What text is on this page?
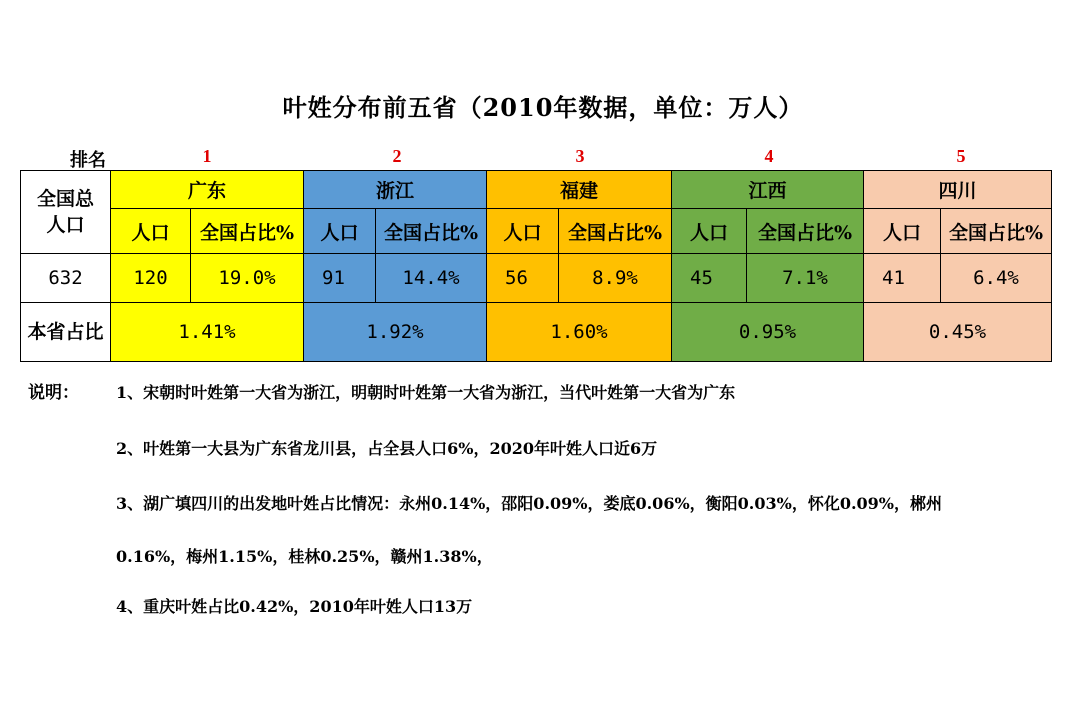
叶姓分布前五省（2010年数据，单位：万人）
排名	1	2	3	4	5
全国总人口	广东		浙江		福建		江西		四川	
	人口	全国占比%	人口	全国占比%	人口	全国占比%	人口	全国占比%	人口	全国占比%
632	120	19.0%	91	14.4%	56	8.9%	45	7.1%	41	6.4%
本省占比	1.41%		1.92%		1.60%		0.95%		0.45%	
说明： 1、宋朝时叶姓第一大省为浙江，明朝时叶姓第一大省为浙江，当代叶姓第一大省为广东
2、叶姓第一大县为广东省龙川县，占全县人口6%，2020年叶姓人口近6万
3、湖广填四川的出发地叶姓占比情况：永州0.14%，邵阳0.09%，娄底0.06%，衡阳0.03%，怀化0.09%，郴州
0.16%，梅州1.15%，桂林0.25%，赣州1.38%，
4、重庆叶姓占比0.42%，2010年叶姓人口13万
